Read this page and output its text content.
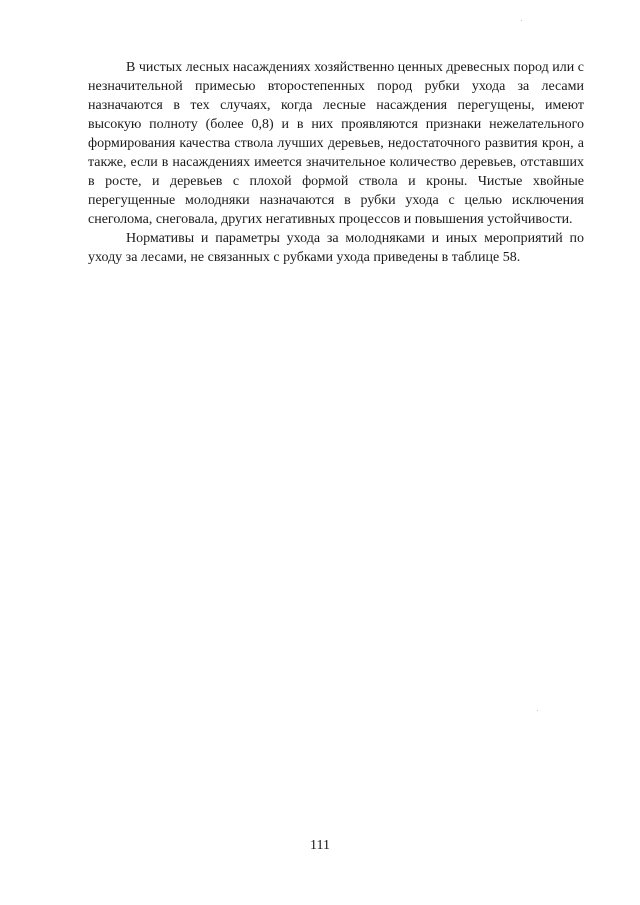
В чистых лесных насаждениях хозяйственно ценных древесных пород или с незначительной примесью второстепенных пород рубки ухода за лесами назначаются в тех случаях, когда лесные насаждения перегущены, имеют высокую полноту (более 0,8) и в них проявляются признаки нежелательного формирования качества ствола лучших деревьев, недостаточного развития крон, а также, если в насаждениях имеется значительное количество деревьев, отставших в росте, и деревьев с плохой формой ствола и кроны. Чистые хвойные перегущенные молодняки назначаются в рубки ухода с целью исключения снеголома, снеговала, других негативных процессов и повышения устойчивости.

Нормативы и параметры ухода за молодняками и иных мероприятий по уходу за лесами, не связанных с рубками ухода приведены в таблице 58.

111
